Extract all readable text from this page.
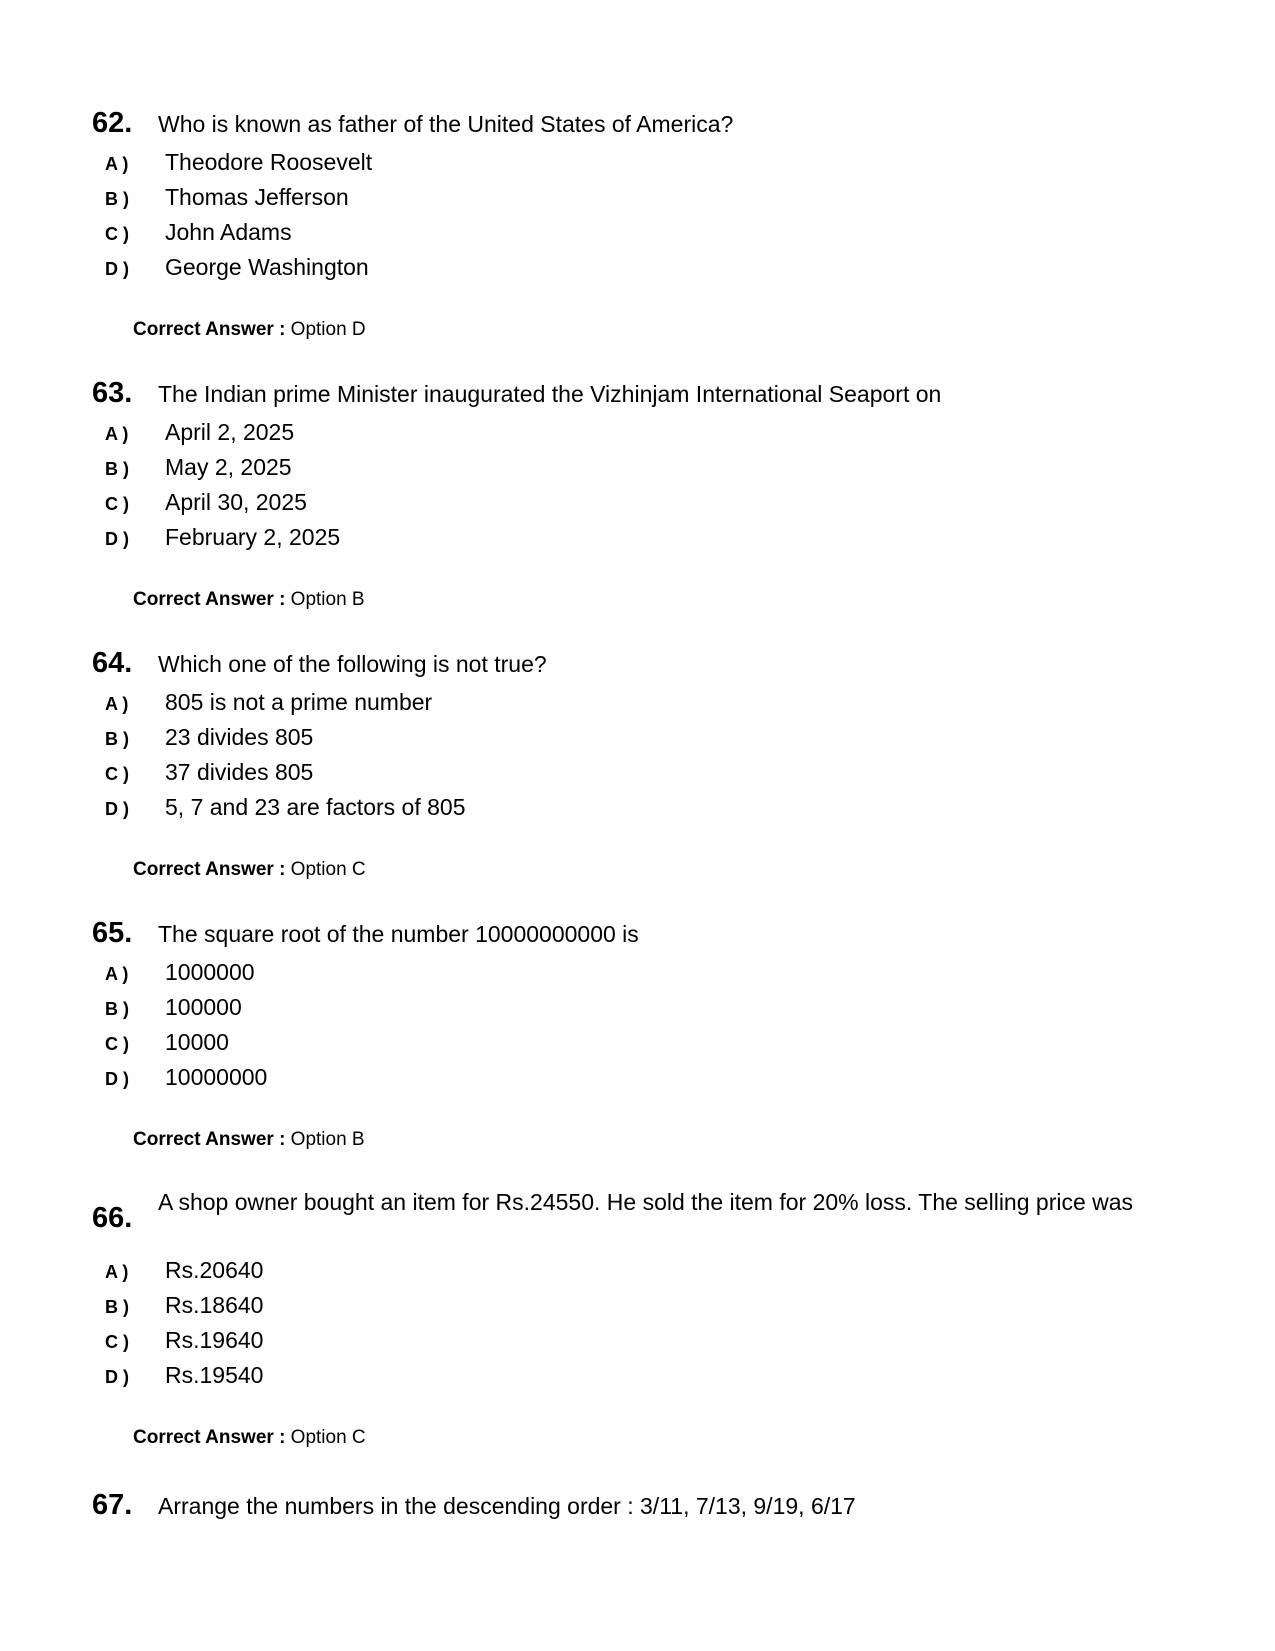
62. Who is known as father of the United States of America?
A ) Theodore Roosevelt
B ) Thomas Jefferson
C ) John Adams
D ) George Washington
Correct Answer : Option D
63. The Indian prime Minister inaugurated the Vizhinjam International Seaport on
A ) April 2, 2025
B ) May 2, 2025
C ) April 30, 2025
D ) February 2, 2025
Correct Answer : Option B
64. Which one of the following is not true?
A ) 805 is not a prime number
B ) 23 divides 805
C ) 37 divides 805
D ) 5, 7 and 23 are factors of 805
Correct Answer : Option C
65. The square root of the number 10000000000 is
A ) 1000000
B ) 100000
C ) 10000
D ) 10000000
Correct Answer : Option B
66. A shop owner bought an item for Rs.24550. He sold the item for 20% loss. The selling price was
A ) Rs.20640
B ) Rs.18640
C ) Rs.19640
D ) Rs.19540
Correct Answer : Option C
67. Arrange the numbers in the descending order : 3/11, 7/13, 9/19, 6/17
